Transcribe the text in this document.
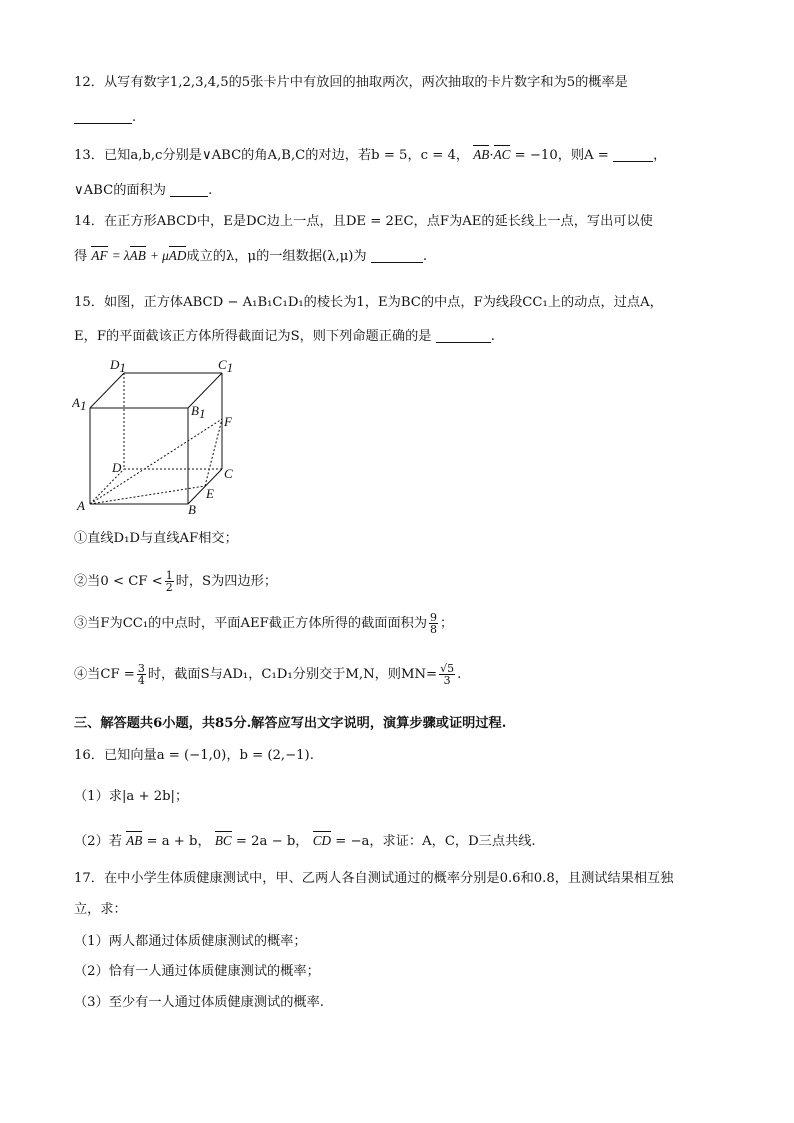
12．从写有数字1,2,3,4,5的5张卡片中有放回的抽取两次，两次抽取的卡片数字和为5的概率是
.
13．已知a,b,c分别是∨ABC的角A,B,C的对边，若b = 5，c = 4， AB·AC = −10，则A =	，
∨ABC的面积为	.
14．在正方形ABCD中，E是DC边上一点，且DE = 2EC，点F为AE的延长线上一点，写出可以使
得 AF = λAB + μAD成立的λ，μ的一组数据(λ,μ)为	.
15．如图，正方体ABCD − A₁B₁C₁D₁的棱长为1，E为BC的中点，F为线段CC₁上的动点，过点A，
E，F的平面截该正方体所得截面记为S，则下列命题正确的是	.
D1	C1
A1	B1
F
D	C
E
A	B
①直线D₁D与直线AF相交；
②当0 < CF < $\frac{1}{2}$ 时，S为四边形；
③当F为CC₁的中点时，平面AEF截正方体所得的截面面积为 $\frac{9}{8}$ ；
④当CF = $\frac{3}{4}$ 时，截面S与AD₁，C₁D₁分别交于M,N，则$MN= \frac{√5}{3}$ .
三、解答题共6小题，共85分.解答应写出文字说明，演算步骤或证明过程.
16．已知向量a = (−1,0)，b = (2,−1).
（1）求|a + 2b|；
（2）若 AB = a + b， BC = 2a − b， CD = −a，求证：A，C，D三点共线.
17．在中小学生体质健康测试中，甲、乙两人各自测试通过的概率分别是0.6和0.8，且测试结果相互独
立，求：
（1）两人都通过体质健康测试的概率；
（2）恰有一人通过体质健康测试的概率；
（3）至少有一人通过体质健康测试的概率.
